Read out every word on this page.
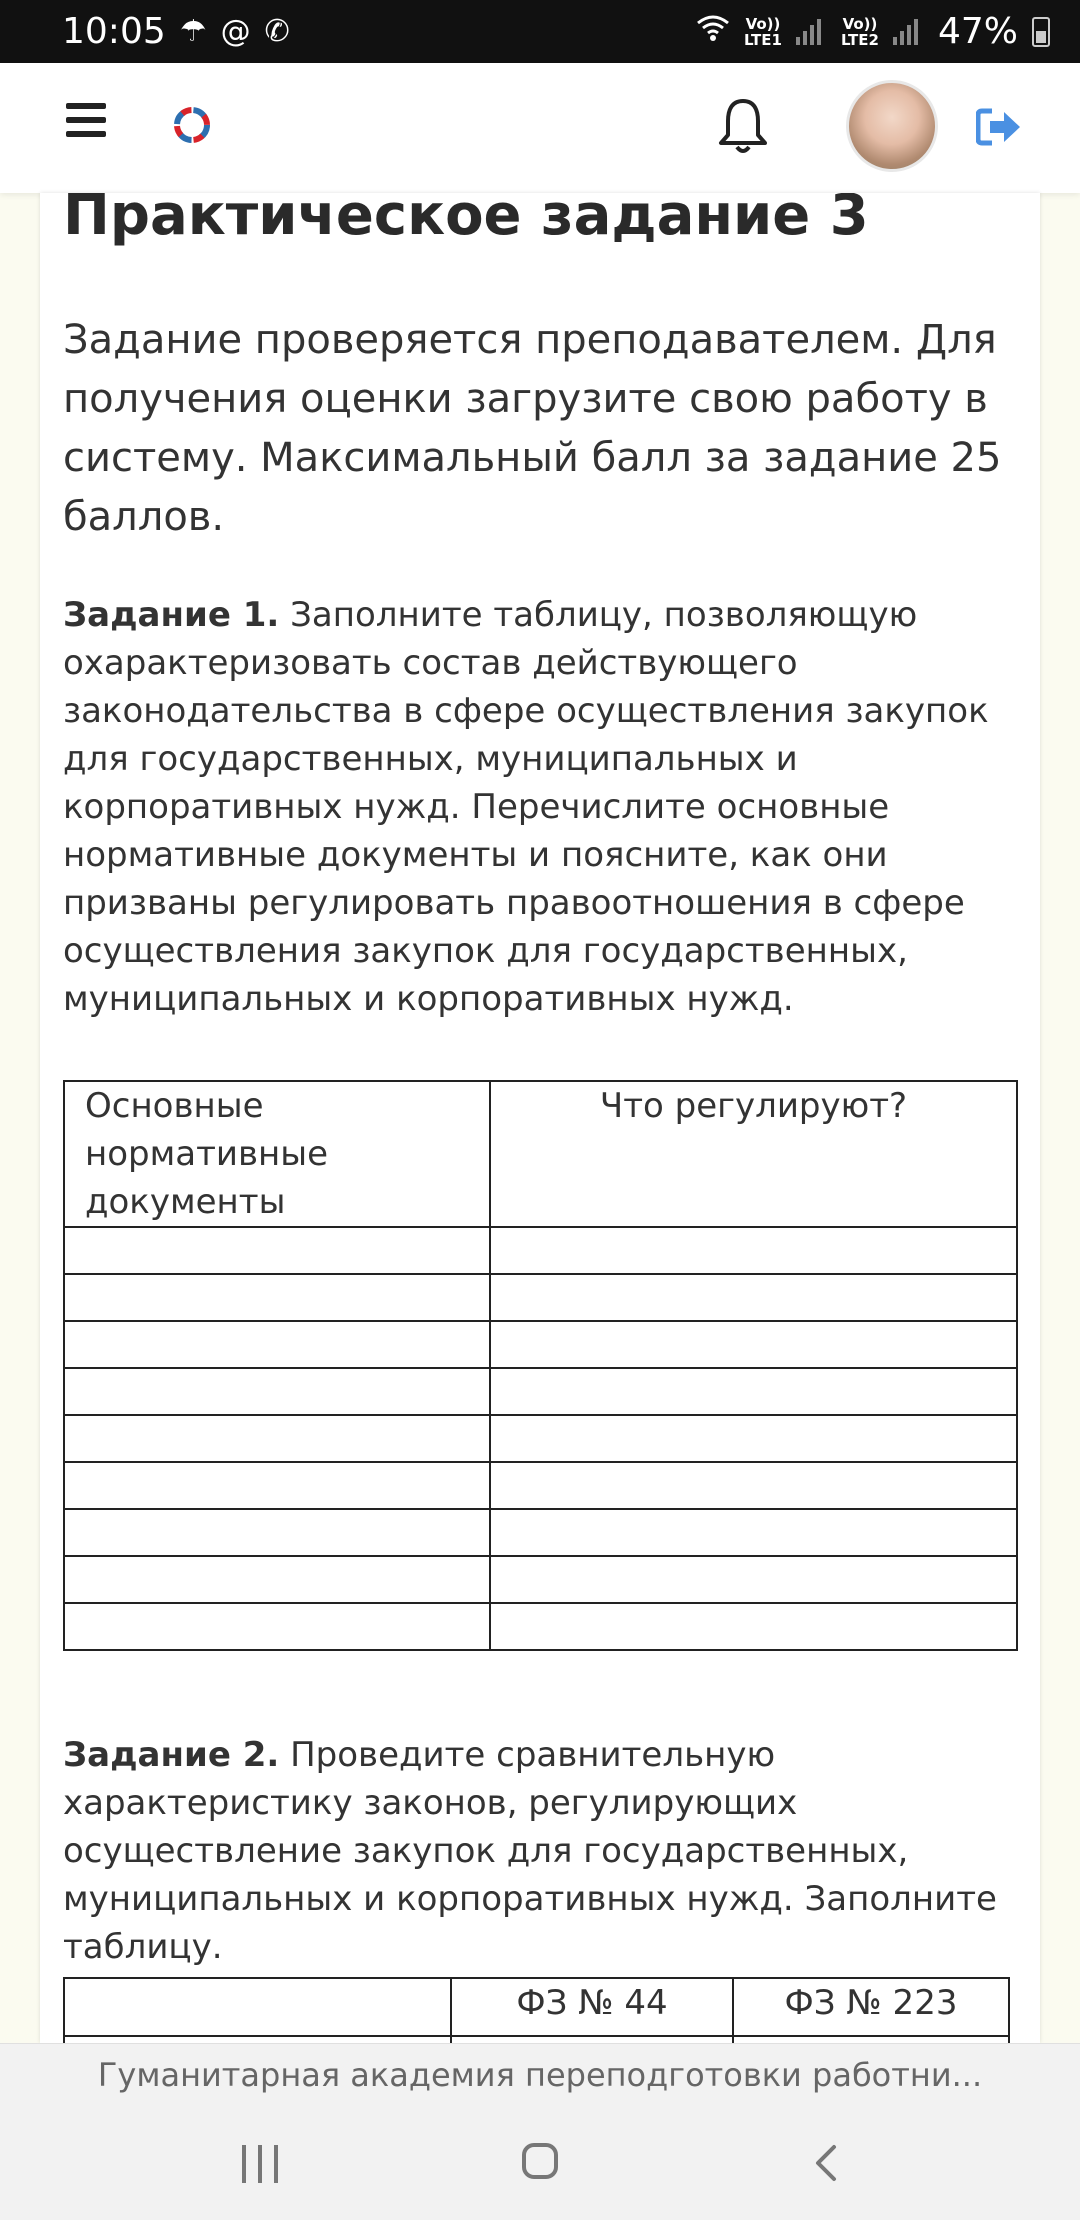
10:05 ☂ @ ✆	Vo))
LTE1
Vo))
LTE2 47%
Практическое задание 3
Задание проверяется преподавателем. Для получения оценки загрузите свою работу в систему. Максимальный балл за задание 25 баллов.
Задание 1. Заполните таблицу, позволяющую охарактеризовать состав действующего законодательства в сфере осуществления закупок для государственных, муниципальных и корпоративных нужд. Перечислите основные нормативные документы и поясните, как они призваны регулировать правоотношения в сфере осуществления закупок для государственных, муниципальных и корпоративных нужд.
Основные нормативные документы	Что регулируют?

Задание 2. Проведите сравнительную характеристику законов, регулирующих осуществление закупок для государственных, муниципальных и корпоративных нужд. Заполните таблицу.
	ФЗ № 44	ФЗ № 223

Гуманитарная академия переподготовки работни...
